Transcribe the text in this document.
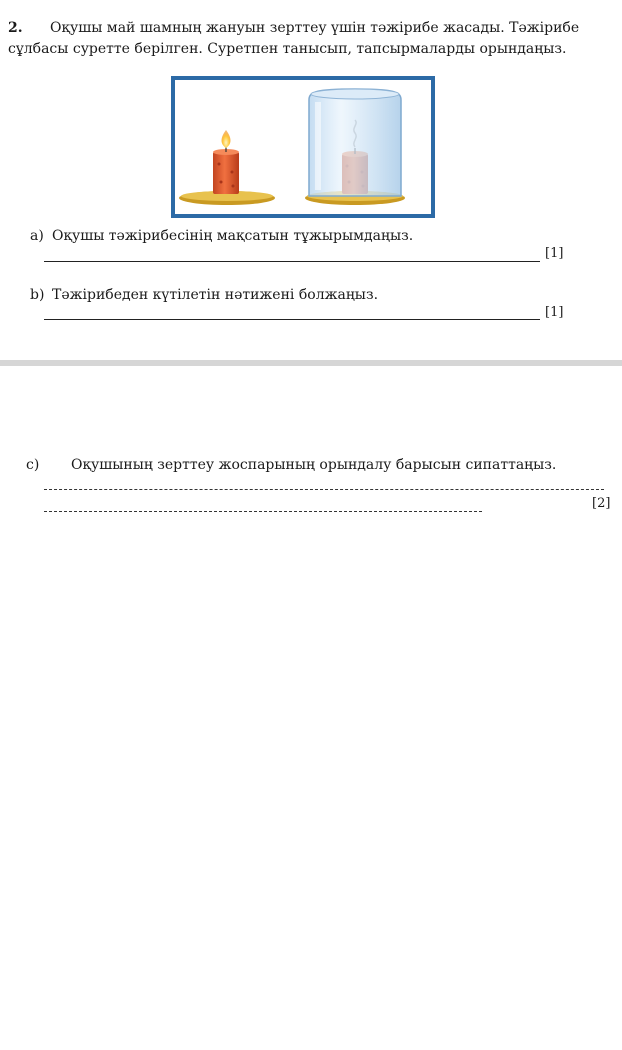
2.	Оқушы май шамның жануын зерттеу үшін тәжірибе жасады. Тәжірибе сұлбасы суретте берілген. Суретпен танысып, тапсырмаларды орындаңыз.

a) Оқушы тәжірибесінің мақсатын тұжырымдаңыз.
[1]
b) Тәжірибеден күтілетін нәтижені болжаңыз.
[1]
c) Оқушының зерттеу жоспарының орындалу барысын сипаттаңыз.
[2]
